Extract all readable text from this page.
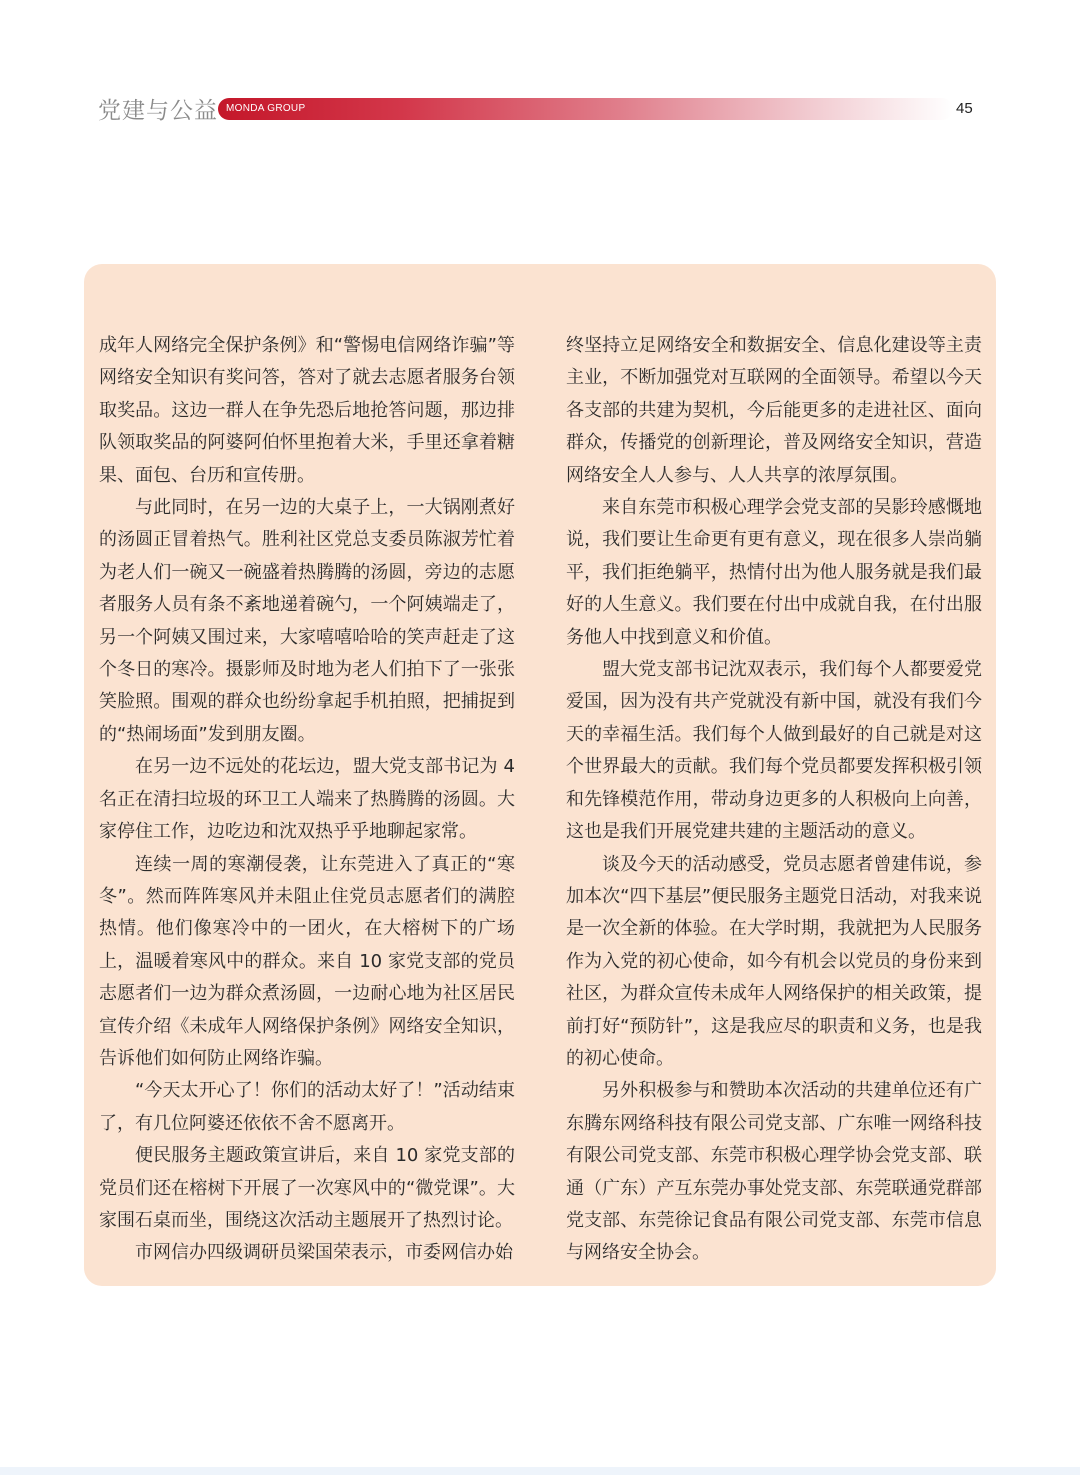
党建与公益 MONDA GROUP	45

成年人网络完全保护条例》和“警惕电信网络诈骗”等网络安全知识有奖问答，答对了就去志愿者服务台领取奖品。这边一群人在争先恐后地抢答问题，那边排队领取奖品的阿婆阿伯怀里抱着大米，手里还拿着糖果、面包、台历和宣传册。

与此同时，在另一边的大桌子上，一大锅刚煮好的汤圆正冒着热气。胜利社区党总支委员陈淑芳忙着为老人们一碗又一碗盛着热腾腾的汤圆，旁边的志愿者服务人员有条不紊地递着碗勺，一个阿姨端走了，另一个阿姨又围过来，大家嘻嘻哈哈的笑声赶走了这个冬日的寒冷。摄影师及时地为老人们拍下了一张张笑脸照。围观的群众也纷纷拿起手机拍照，把捕捉到的“热闹场面”发到朋友圈。

在另一边不远处的花坛边，盟大党支部书记为 4 名正在清扫垃圾的环卫工人端来了热腾腾的汤圆。大家停住工作，边吃边和沈双热乎乎地聊起家常。

连续一周的寒潮侵袭，让东莞进入了真正的“寒冬”。然而阵阵寒风并未阻止住党员志愿者们的满腔热情。他们像寒冷中的一团火，在大榕树下的广场上，温暖着寒风中的群众。来自 10 家党支部的党员志愿者们一边为群众煮汤圆，一边耐心地为社区居民宣传介绍《未成年人网络保护条例》网络安全知识，告诉他们如何防止网络诈骗。

“今天太开心了！你们的活动太好了！”活动结束了，有几位阿婆还依依不舍不愿离开。

便民服务主题政策宣讲后，来自 10 家党支部的党员们还在榕树下开展了一次寒风中的“微党课”。大家围石桌而坐，围绕这次活动主题展开了热烈讨论。

市网信办四级调研员梁国荣表示，市委网信办始

终坚持立足网络安全和数据安全、信息化建设等主责主业，不断加强党对互联网的全面领导。希望以今天各支部的共建为契机，今后能更多的走进社区、面向群众，传播党的创新理论，普及网络安全知识，营造网络安全人人参与、人人共享的浓厚氛围。

来自东莞市积极心理学会党支部的吴影玲感慨地说，我们要让生命更有更有意义，现在很多人崇尚躺平，我们拒绝躺平，热情付出为他人服务就是我们最好的人生意义。我们要在付出中成就自我，在付出服务他人中找到意义和价值。

盟大党支部书记沈双表示，我们每个人都要爱党爱国，因为没有共产党就没有新中国，就没有我们今天的幸福生活。我们每个人做到最好的自己就是对这个世界最大的贡献。我们每个党员都要发挥积极引领和先锋模范作用，带动身边更多的人积极向上向善，这也是我们开展党建共建的主题活动的意义。

谈及今天的活动感受，党员志愿者曾建伟说，参加本次“四下基层”便民服务主题党日活动，对我来说是一次全新的体验。在大学时期，我就把为人民服务作为入党的初心使命，如今有机会以党员的身份来到社区，为群众宣传未成年人网络保护的相关政策，提前打好“预防针”，这是我应尽的职责和义务，也是我的初心使命。

另外积极参与和赞助本次活动的共建单位还有广东腾东网络科技有限公司党支部、广东唯一网络科技有限公司党支部、东莞市积极心理学协会党支部、联通（广东）产互东莞办事处党支部、东莞联通党群部党支部、东莞徐记食品有限公司党支部、东莞市信息与网络安全协会。
